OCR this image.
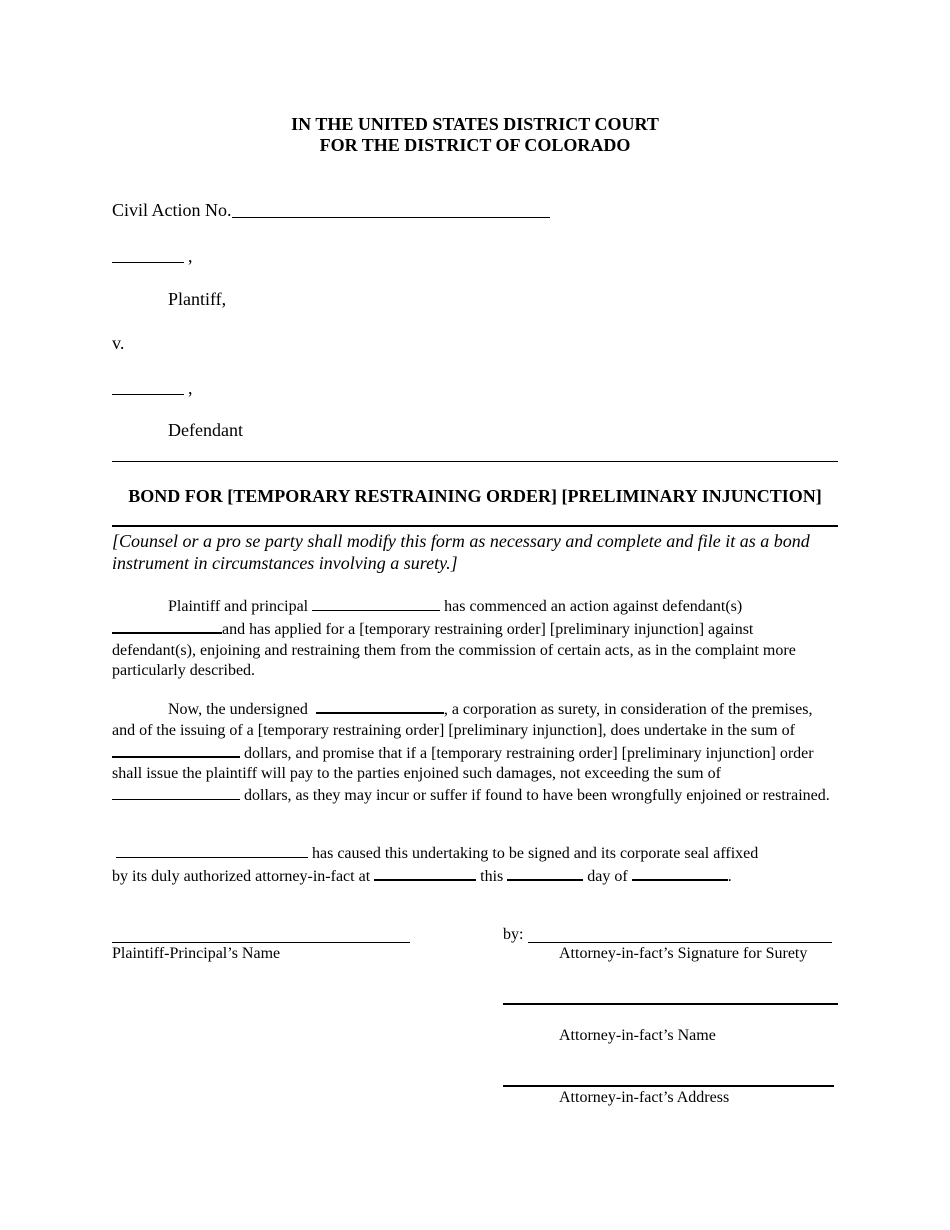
IN THE UNITED STATES DISTRICT COURT
FOR THE DISTRICT OF COLORADO
Civil Action No.
,
Plantiff,
v.
,
Defendant
BOND FOR [TEMPORARY RESTRAINING ORDER] [PRELIMINARY INJUNCTION]
[Counsel or a pro se party shall modify this form as necessary and complete and file it as a bond instrument in circumstances involving a surety.]
Plaintiff and principal	has commenced an action against defendant(s)
and has applied for a [temporary restraining order] [preliminary injunction] against defendant(s), enjoining and restraining them from the commission of certain acts, as in the complaint more particularly described.
Now, the undersigned	, a corporation as surety, in consideration of the premises, and of the issuing of a [temporary restraining order] [preliminary injunction], does undertake in the sum of  dollars, and promise that if a [temporary restraining order] [preliminary injunction] order shall issue the plaintiff will pay to the parties enjoined such damages, not exceeding the sum of   dollars, as they may incur or suffer if found to have been wrongfully enjoined or restrained.
has caused this undertaking to be signed and its corporate seal affixed
by its duly authorized attorney-in-fact at	this	day of	.
Plaintiff-Principal’s Name
by:
Attorney-in-fact’s Signature for Surety
Attorney-in-fact’s Name
Attorney-in-fact’s Address
